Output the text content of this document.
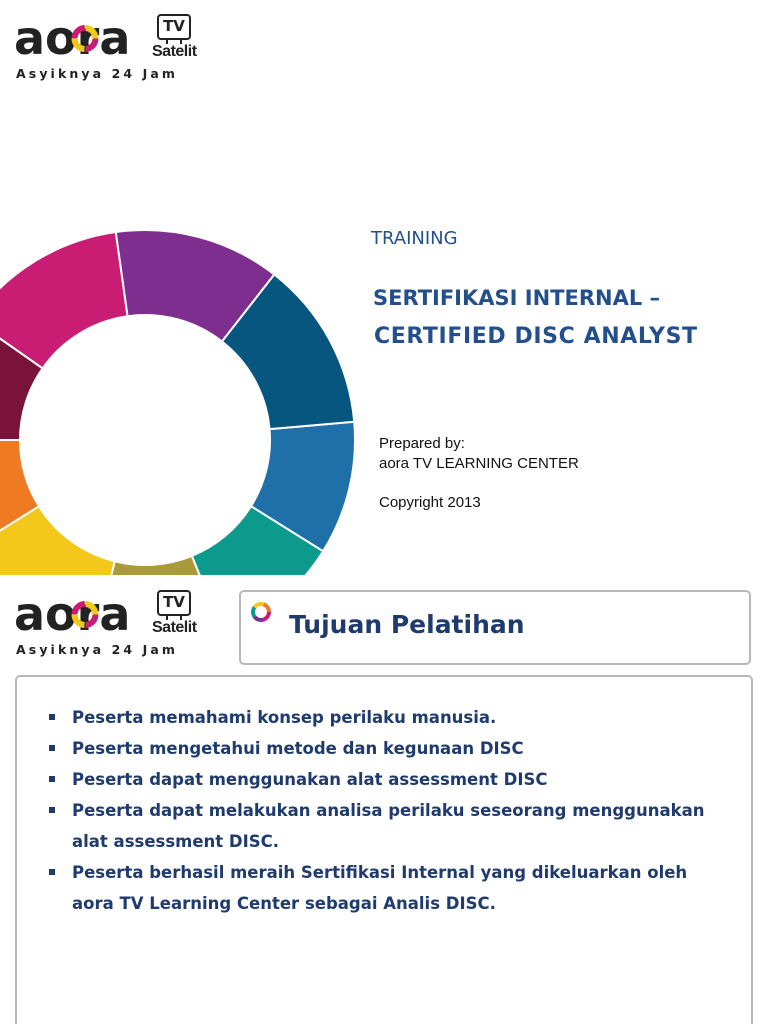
aora	TV
Satelit
Asyiknya 24 Jam
TRAINING
SERTIFIKASI INTERNAL –
CERTIFIED DISC ANALYST
Prepared by:
aora TV LEARNING CENTER
Copyright 2013
aora	TV
Satelit
Asyiknya 24 Jam
Tujuan Pelatihan
Peserta memahami konsep perilaku manusia.
Peserta mengetahui metode dan kegunaan DISC
Peserta dapat menggunakan alat assessment DISC
Peserta dapat melakukan analisa perilaku seseorang menggunakan alat assessment DISC.
Peserta berhasil meraih Sertifikasi Internal yang dikeluarkan oleh aora TV Learning Center sebagai Analis DISC.
